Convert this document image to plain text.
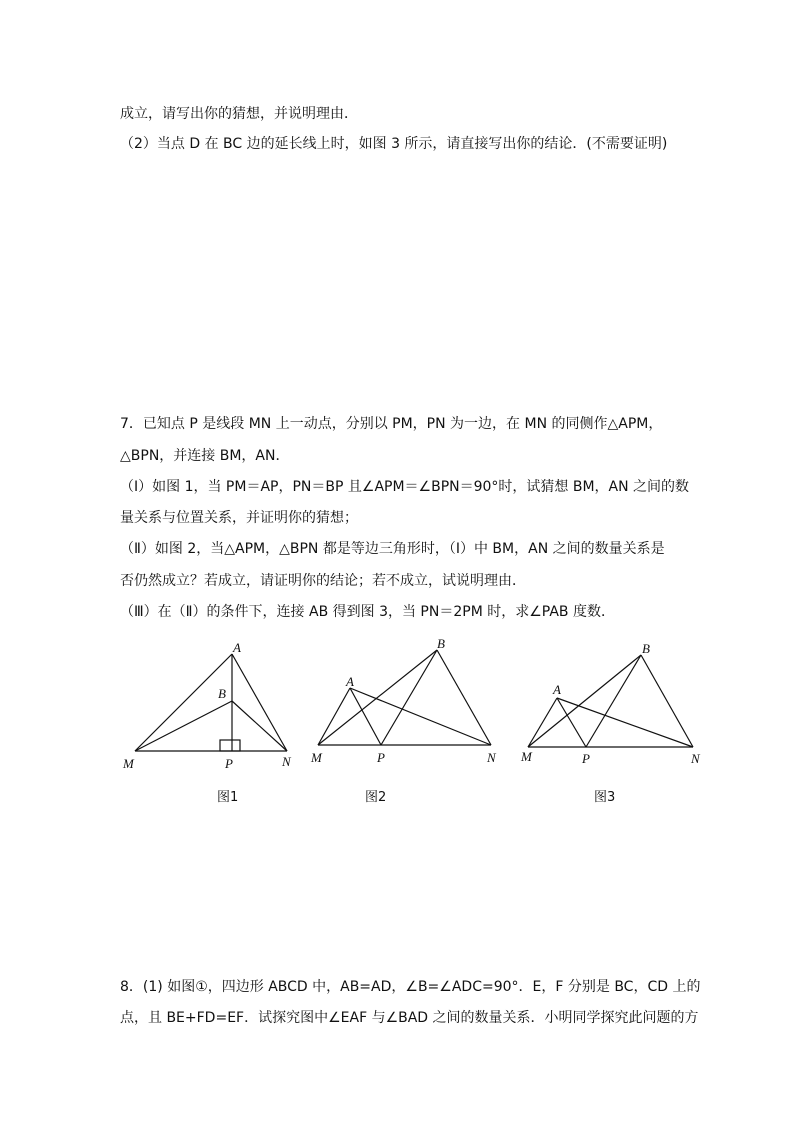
成立，请写出你的猜想，并说明理由．
（2）当点 D 在 BC 边的延长线上时，如图 3 所示，请直接写出你的结论．(不需要证明)
7．已知点 P 是线段 MN 上一动点，分别以 PM，PN 为一边，在 MN 的同侧作△APM，
△BPN，并连接 BM，AN．
（Ⅰ）如图 1，当 PM＝AP，PN＝BP 且∠APM＝∠BPN＝90°时，试猜想 BM，AN 之间的数
量关系与位置关系，并证明你的猜想；
（Ⅱ）如图 2，当△APM，△BPN 都是等边三角形时，（Ⅰ）中 BM，AN 之间的数量关系是
否仍然成立？若成立，请证明你的结论；若不成立，试说明理由．
（Ⅲ）在（Ⅱ）的条件下，连接 AB 得到图 3，当 PN＝2PM 时，求∠PAB 度数．
A
B
M	P	N
图1
A
B
M	P	N
图2
A
B
M	P	N
图3
8．(1) 如图①，四边形 ABCD 中，AB=AD，∠B=∠ADC=90°．E，F 分别是 BC，CD 上的
点，且 BE+FD=EF．试探究图中∠EAF 与∠BAD 之间的数量关系．小明同学探究此问题的方
